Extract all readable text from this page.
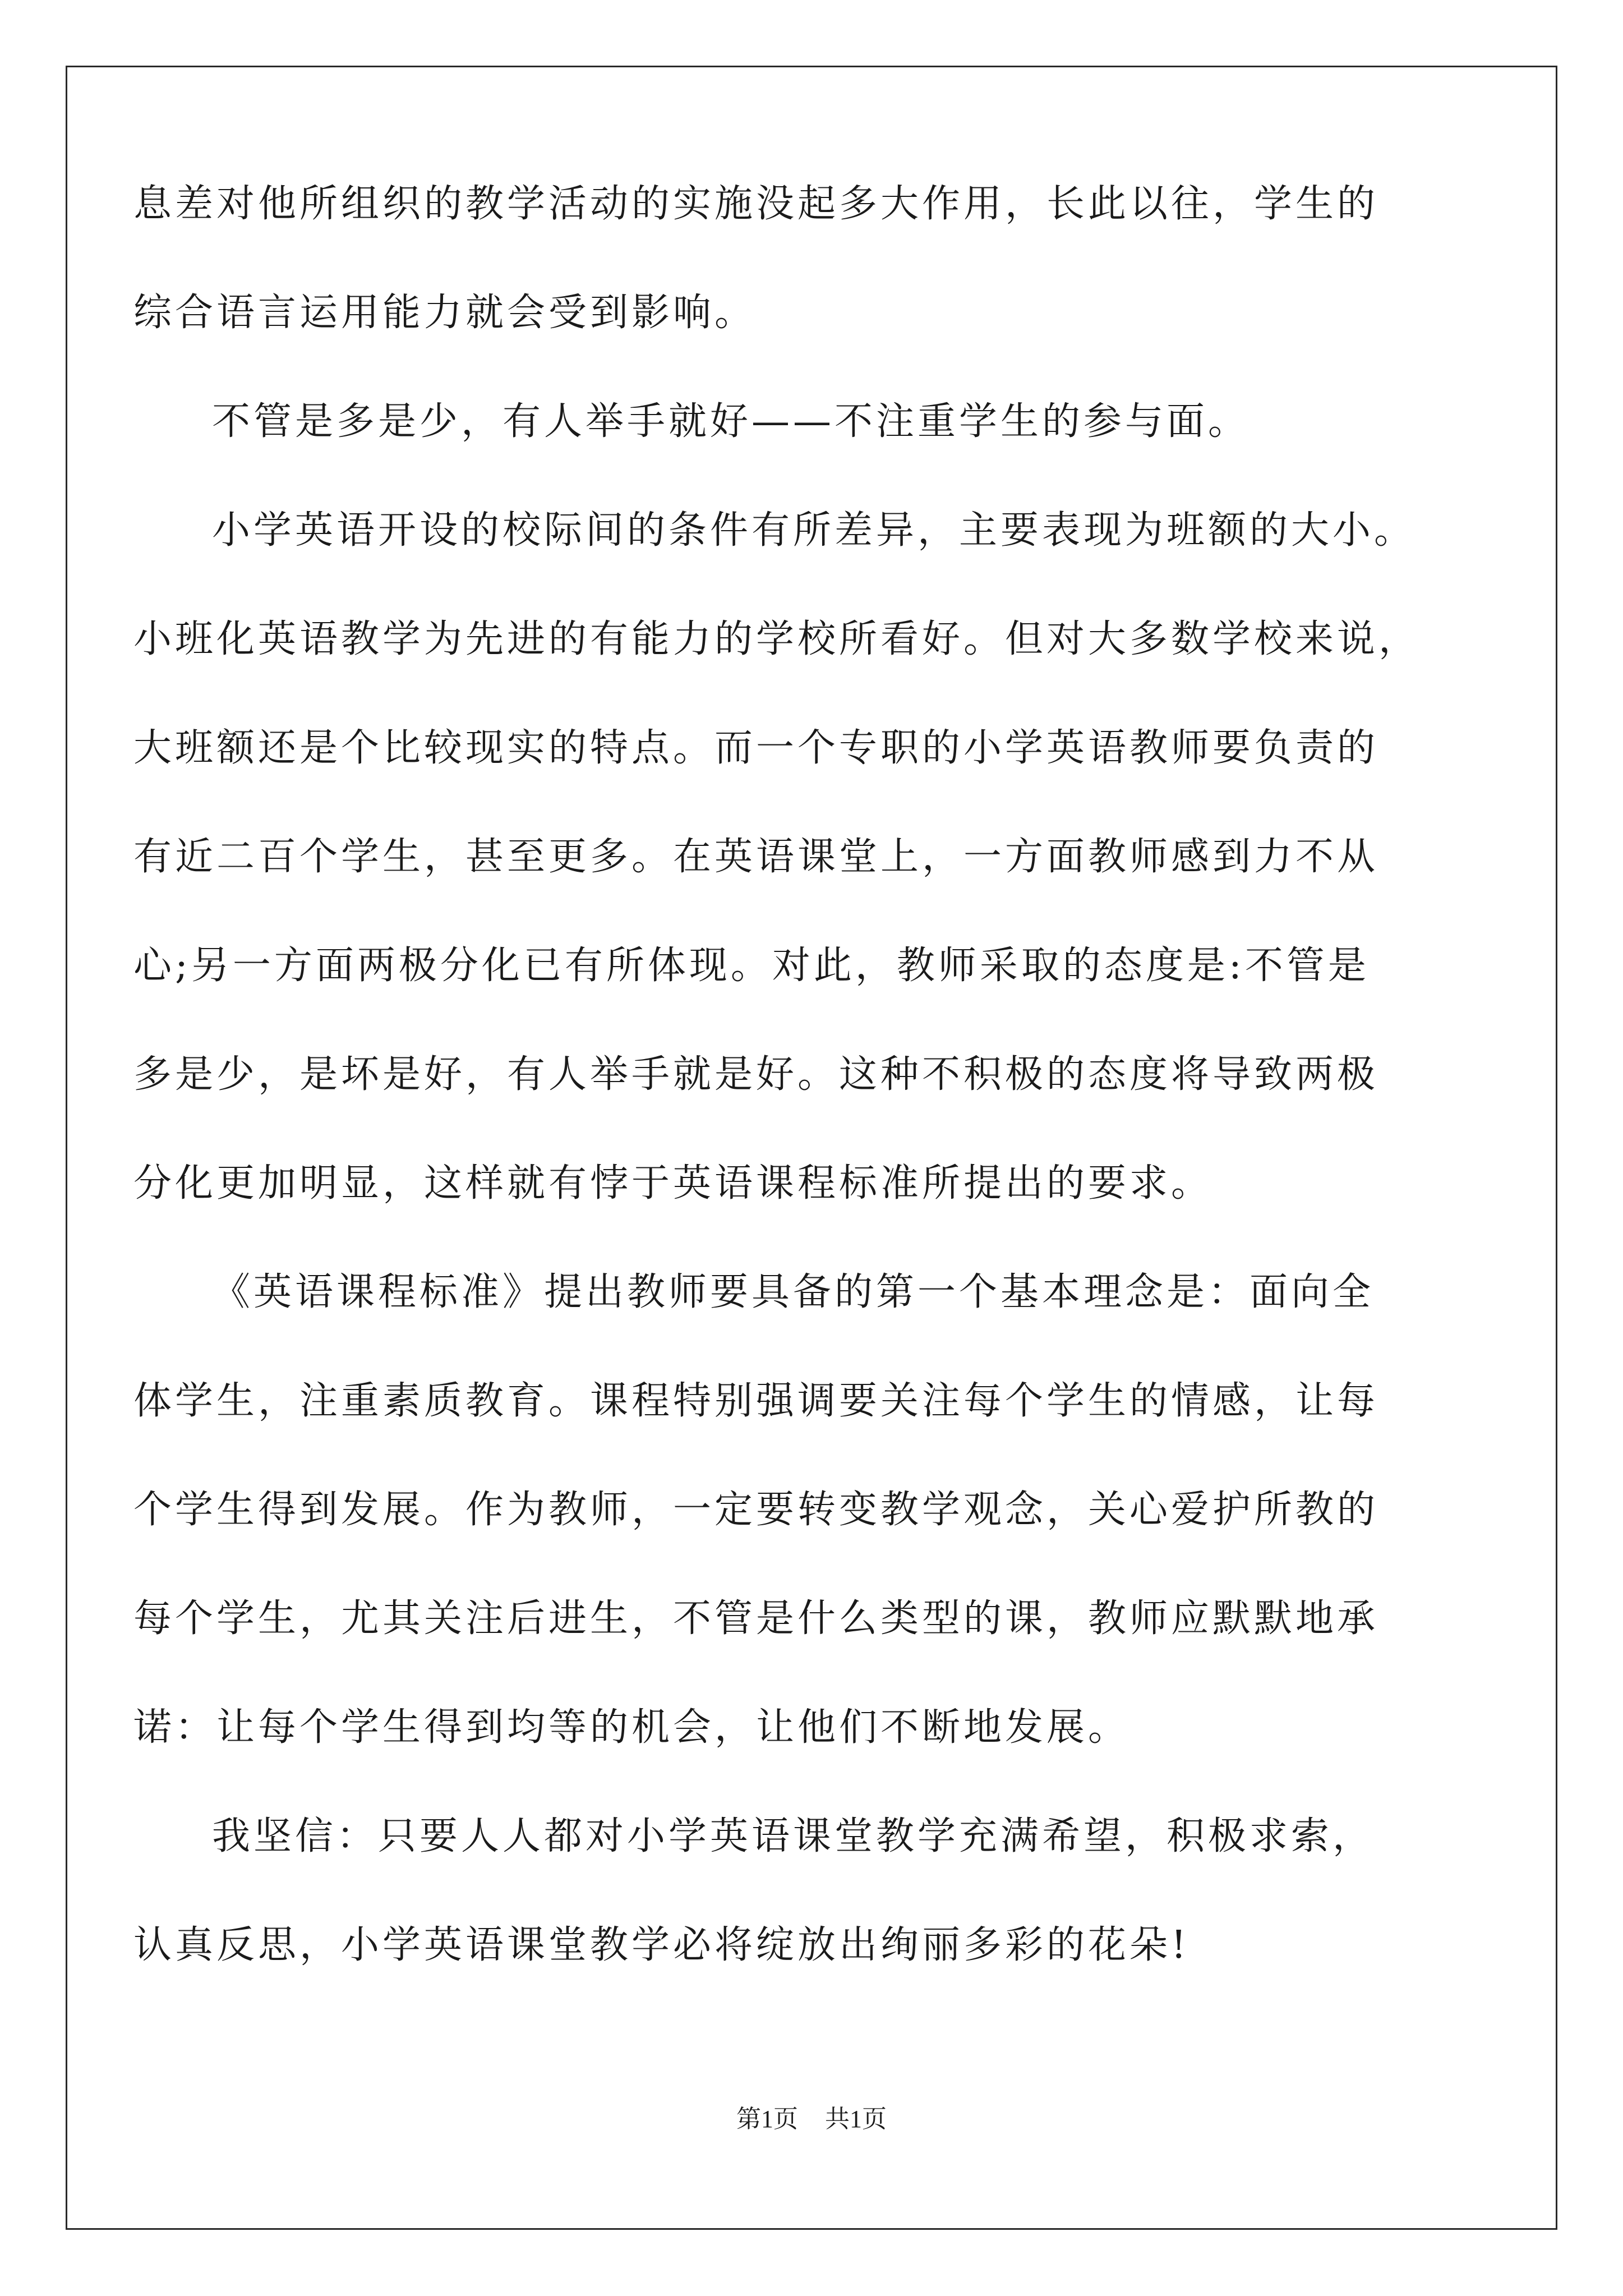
息差对他所组织的教学活动的实施没起多大作用，长此以往，学生的
综合语言运用能力就会受到影响。
不管是多是少，有人举手就好——不注重学生的参与面。
小学英语开设的校际间的条件有所差异，主要表现为班额的大小。
小班化英语教学为先进的有能力的学校所看好。但对大多数学校来说，
大班额还是个比较现实的特点。而一个专职的小学英语教师要负责的
有近二百个学生，甚至更多。在英语课堂上，一方面教师感到力不从
心;另一方面两极分化已有所体现。对此，教师采取的态度是:不管是
多是少，是坏是好，有人举手就是好。这种不积极的态度将导致两极
分化更加明显，这样就有悖于英语课程标准所提出的要求。
《英语课程标准》提出教师要具备的第一个基本理念是：面向全
体学生，注重素质教育。课程特别强调要关注每个学生的情感，让每
个学生得到发展。作为教师，一定要转变教学观念，关心爱护所教的
每个学生，尤其关注后进生，不管是什么类型的课，教师应默默地承
诺：让每个学生得到均等的机会，让他们不断地发展。
我坚信：只要人人都对小学英语课堂教学充满希望，积极求索，
认真反思，小学英语课堂教学必将绽放出绚丽多彩的花朵!
第1页 共1页
